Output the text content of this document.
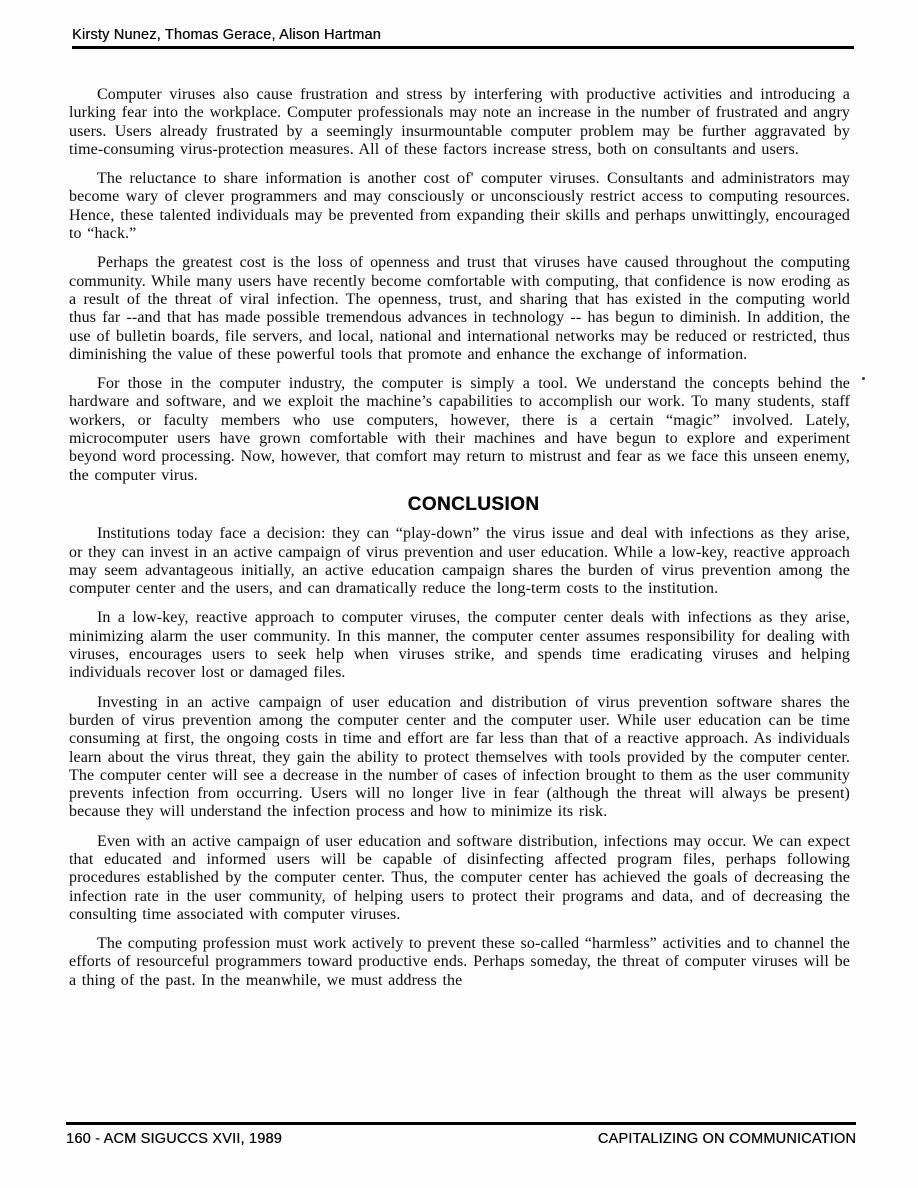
Kirsty Nunez, Thomas Gerace, Alison Hartman

Computer viruses also cause frustration and stress by interfering with productive activities and introducing a lurking fear into the workplace. Computer professionals may note an increase in the number of frustrated and angry users. Users already frustrated by a seemingly insurmountable computer problem may be further aggravated by time-consuming virus-protection measures. All of these factors increase stress, both on consultants and users.

The reluctance to share information is another cost of' computer viruses. Consultants and administrators may become wary of clever programmers and may consciously or unconsciously restrict access to computing resources. Hence, these talented individuals may be prevented from expanding their skills and perhaps unwittingly, encouraged to “hack.”

Perhaps the greatest cost is the loss of openness and trust that viruses have caused throughout the computing community. While many users have recently become comfortable with computing, that confidence is now eroding as a result of the threat of viral infection. The openness, trust, and sharing that has existed in the computing world thus far --and that has made possible tremendous advances in technology -- has begun to diminish. In addition, the use of bulletin boards, file servers, and local, national and international networks may be reduced or restricted, thus diminishing the value of these powerful tools that promote and enhance the exchange of information.

For those in the computer industry, the computer is simply a tool. We understand the concepts behind the hardware and software, and we exploit the machine’s capabilities to accomplish our work. To many students, staff workers, or faculty members who use computers, however, there is a certain “magic” involved. Lately, microcomputer users have grown comfortable with their machines and have begun to explore and experiment beyond word processing. Now, however, that comfort may return to mistrust and fear as we face this unseen enemy, the computer virus.

CONCLUSION

Institutions today face a decision: they can “play-down” the virus issue and deal with infections as they arise, or they can invest in an active campaign of virus prevention and user education. While a low-key, reactive approach may seem advantageous initially, an active education campaign shares the burden of virus prevention among the computer center and the users, and can dramatically reduce the long-term costs to the institution.

In a low-key, reactive approach to computer viruses, the computer center deals with infections as they arise, minimizing alarm the user community. In this manner, the computer center assumes responsibility for dealing with viruses, encourages users to seek help when viruses strike, and spends time eradicating viruses and helping individuals recover lost or damaged files.

Investing in an active campaign of user education and distribution of virus prevention software shares the burden of virus prevention among the computer center and the computer user. While user education can be time consuming at first, the ongoing costs in time and effort are far less than that of a reactive approach. As individuals learn about the virus threat, they gain the ability to protect themselves with tools provided by the computer center. The computer center will see a decrease in the number of cases of infection brought to them as the user community prevents infection from occurring. Users will no longer live in fear (although the threat will always be present) because they will understand the infection process and how to minimize its risk.

Even with an active campaign of user education and software distribution, infections may occur. We can expect that educated and informed users will be capable of disinfecting affected program files, perhaps following procedures established by the computer center. Thus, the computer center has achieved the goals of decreasing the infection rate in the user community, of helping users to protect their programs and data, and of decreasing the consulting time associated with computer viruses.

The computing profession must work actively to prevent these so-called “harmless” activities and to channel the efforts of resourceful programmers toward productive ends. Perhaps someday, the threat of computer viruses will be a thing of the past. In the meanwhile, we must address the

160 - ACM SIGUCCS XVII, 1989	CAPITALIZING ON COMMUNICATION
